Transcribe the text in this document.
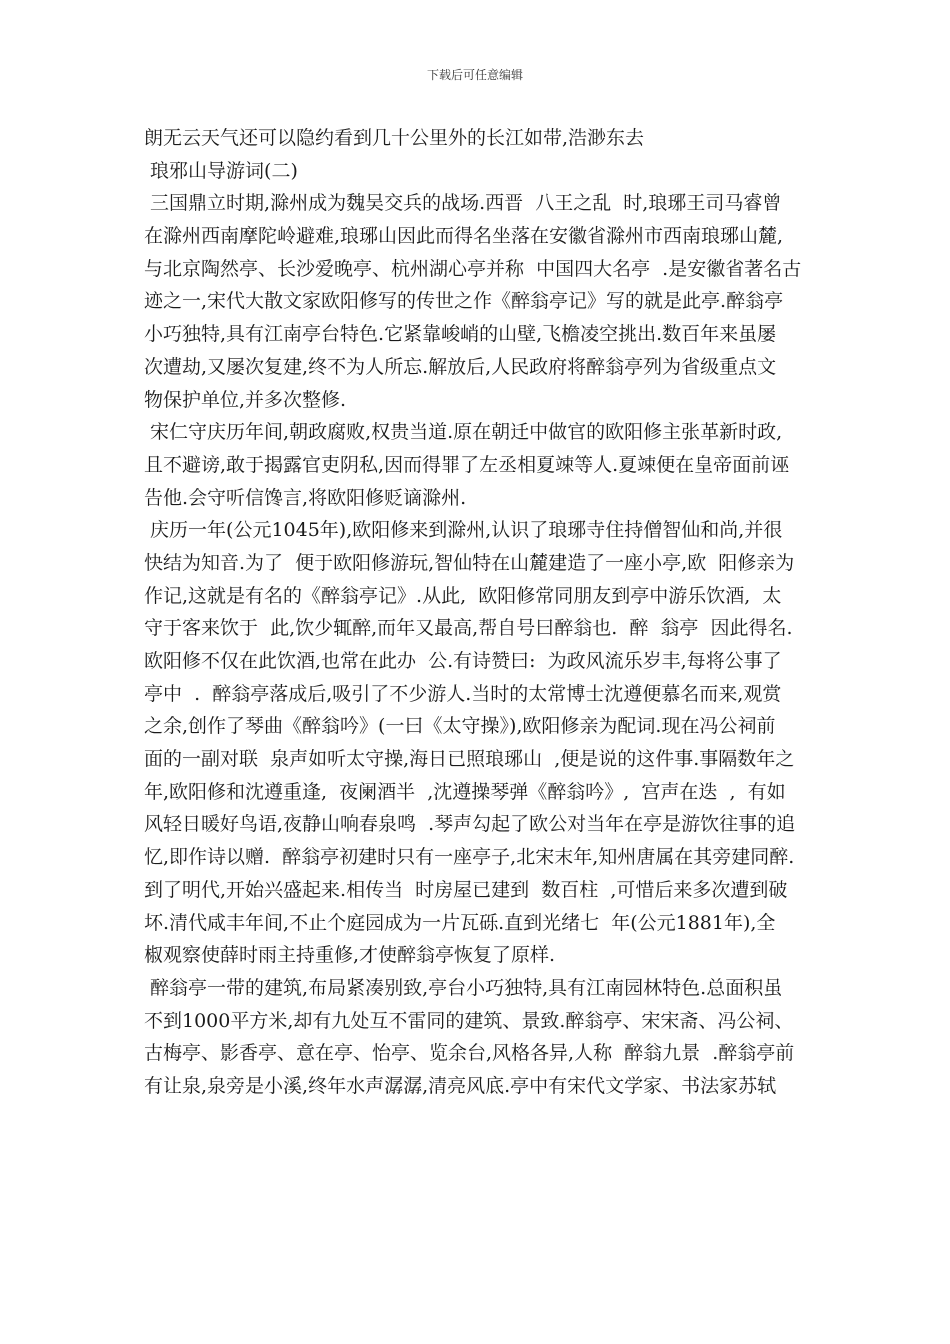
下载后可任意编辑
朗无云天气还可以隐约看到几十公里外的长江如带,浩渺东去
琅邪山导游词(二)
三国鼎立时期,滁州成为魏吴交兵的战场.西晋  八王之乱  时,琅琊王司马睿曾
在滁州西南摩陀岭避难,琅琊山因此而得名坐落在安徽省滁州市西南琅琊山麓,
与北京陶然亭、长沙爱晚亭、杭州湖心亭并称  中国四大名亭  .是安徽省著名古
迹之一,宋代大散文家欧阳修写的传世之作《醉翁亭记》写的就是此亭.醉翁亭
小巧独特,具有江南亭台特色.它紧靠峻峭的山壁,飞檐凌空挑出.数百年来虽屡
次遭劫,又屡次复建,终不为人所忘.解放后,人民政府将醉翁亭列为省级重点文
物保护单位,并多次整修.
宋仁守庆历年间,朝政腐败,权贵当道.原在朝迁中做官的欧阳修主张革新时政,
且不避谤,敢于揭露官吏阴私,因而得罪了左丞相夏竦等人.夏竦便在皇帝面前诬
告他.会守听信馋言,将欧阳修贬谪滁州.
庆历一年(公元1045年),欧阳修来到滁州,认识了琅琊寺住持僧智仙和尚,并很
快结为知音.为了  便于欧阳修游玩,智仙特在山麓建造了一座小亭,欧  阳修亲为
作记,这就是有名的《醉翁亭记》.从此,  欧阳修常同朋友到亭中游乐饮酒,  太
守于客来饮于  此,饮少辄醉,而年又最高,帮自号曰醉翁也.  醉  翁亭  因此得名.
欧阳修不仅在此饮酒,也常在此办  公.有诗赞曰:  为政风流乐岁丰,每将公事了
亭中  .  醉翁亭落成后,吸引了不少游人.当时的太常博士沈遵便慕名而来,观赏
之余,创作了琴曲《醉翁吟》(一曰《太守操》),欧阳修亲为配词.现在冯公祠前
面的一副对联  泉声如听太守操,海日已照琅琊山  ,便是说的这件事.事隔数年之
年,欧阳修和沈遵重逢,  夜阑酒半  ,沈遵操琴弹《醉翁吟》,  宫声在迭  ,  有如
风轻日暖好鸟语,夜静山响春泉鸣  .琴声勾起了欧公对当年在亭是游饮往事的追
忆,即作诗以赠.  醉翁亭初建时只有一座亭子,北宋末年,知州唐属在其旁建同醉.
到了明代,开始兴盛起来.相传当  时房屋已建到  数百柱  ,可惜后来多次遭到破
坏.清代咸丰年间,不止个庭园成为一片瓦砾.直到光绪七  年(公元1881年),全
椒观察使薛时雨主持重修,才使醉翁亭恢复了原样.
醉翁亭一带的建筑,布局紧凑别致,亭台小巧独特,具有江南园林特色.总面积虽
不到1000平方米,却有九处互不雷同的建筑、景致.醉翁亭、宋宋斋、冯公祠、
古梅亭、影香亭、意在亭、怡亭、览余台,风格各异,人称  醉翁九景  .醉翁亭前
有让泉,泉旁是小溪,终年水声潺潺,清亮风底.亭中有宋代文学家、书法家苏轼
